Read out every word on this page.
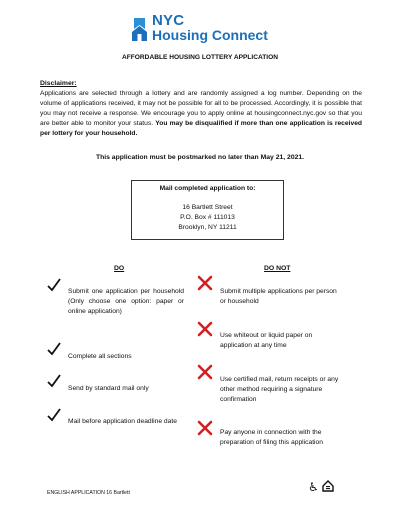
NYC
Housing Connect
AFFORDABLE HOUSING LOTTERY APPLICATION
Disclaimer:
Applications are selected through a lottery and are randomly assigned a log number. Depending on the volume of applications received, it may not be possible for all to be processed. Accordingly, it is possible that you may not receive a response. We encourage you to apply online at housingconnect.nyc.gov so that you are better able to monitor your status. You may be disqualified if more than one application is received per lottery for your household.
This application must be postmarked no later than May 21, 2021.
Mail completed application to:
16 Bartlett Street
P.O. Box # 111013
Brooklyn, NY 11211
DO	DO NOT
Submit one application per household (Only choose one option: paper or online application)
Complete all sections
Send by standard mail only
Mail before application deadline date
Submit multiple applications per person or household
Use whiteout or liquid paper on application at any time
Use certified mail, return receipts or any other method requiring a signature confirmation
Pay anyone in connection with the preparation of filing this application
ENGLISH APPLICATION 16 Bartlett	♿
